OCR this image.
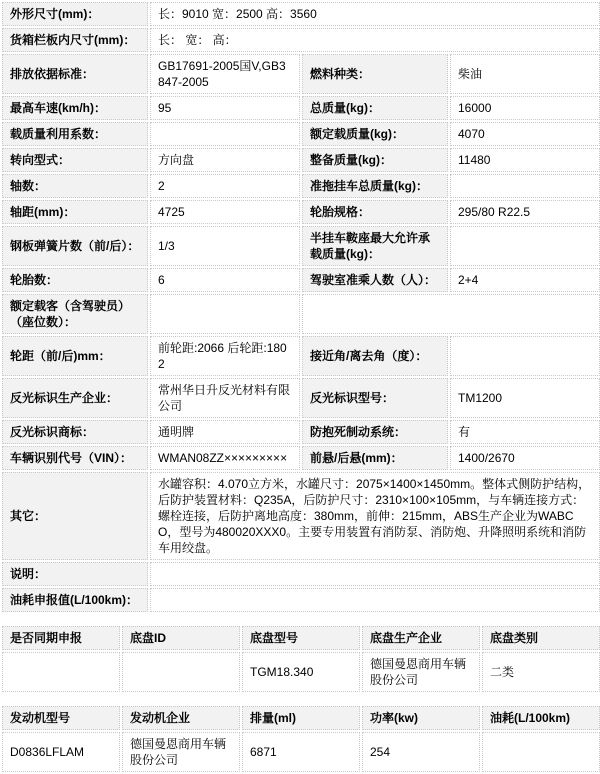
外形尺寸(mm)：	长：9010 宽：2500 高：3560		
货箱栏板内尺寸(mm)：	长： 宽： 高：		
排放依据标准：	GB17691-2005国V,GB3847-2005	燃料种类：	柴油
最高车速(km/h)：	95	总质量(kg)：	16000
载质量利用系数：		额定载质量(kg)：	4070
转向型式：	方向盘	整备质量(kg)：	11480
轴数：	2	准拖挂车总质量(kg)：	
轴距(mm)：	4725	轮胎规格：	295/80 R22.5
钢板弹簧片数（前/后）：	1/3	半挂车鞍座最大允许承载质量(kg)：	
轮胎数：	6	驾驶室准乘人数（人）：	2+4
额定载客（含驾驶员）（座位数）：			
轮距（前/后)mm：	前轮距:2066 后轮距:1802	接近角/离去角（度）：	
反光标识生产企业：	常州华日升反光材料有限公司	反光标识型号：	TM1200
反光标识商标：	通明牌	防抱死制动系统：	有
车辆识别代号（VIN）：	WMAN08ZZ×××××××××	前悬/后悬(mm)：	1400/2670
其它：	水罐容积：4.070立方米，水罐尺寸：2075×1400×1450mm。整体式侧防护结构，后防护装置材料：Q235A，后防护尺寸：2310×100×105mm，与车辆连接方式：螺栓连接，后防护离地高度：380mm，前伸：215mm，ABS生产企业为WABCO，型号为480020XXX0。主要专用装置有消防泵、消防炮、升降照明系统和消防车用绞盘。		
说明：			
油耗申报值(L/100km)：			
是否同期申报	底盘ID	底盘型号	底盘生产企业	底盘类别
		TGM18.340	德国曼恩商用车辆股份公司	二类
发动机型号	发动机企业	排量(ml)	功率(kw)	油耗(L/100km)
D0836LFLAM	德国曼恩商用车辆股份公司	6871	254	
